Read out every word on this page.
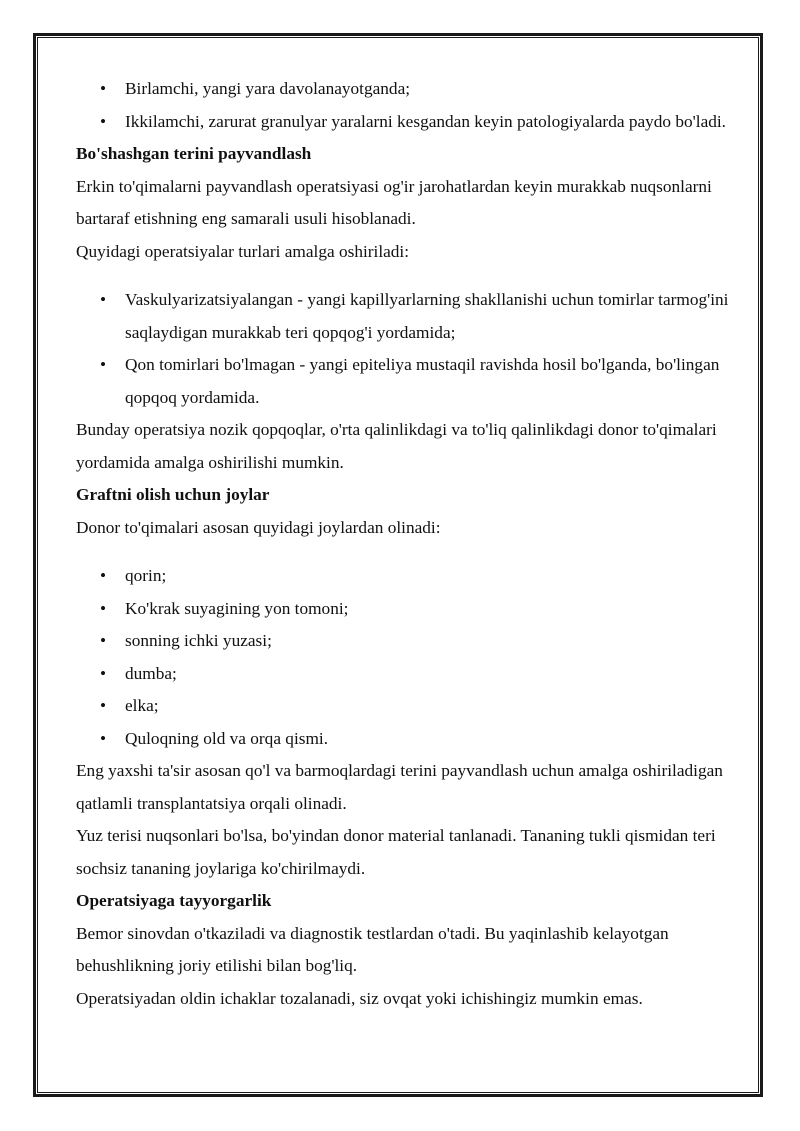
• Birlamchi, yangi yara davolanayotganda;
• Ikkilamchi, zarurat granulyar yaralarni kesgandan keyin patologiyalarda paydo bo'ladi.
Bo'shashgan terini payvandlash

Erkin to'qimalarni payvandlash operatsiyasi og'ir jarohatlardan keyin murakkab nuqsonlarni bartaraf etishning eng samarali usuli hisoblanadi.

Quyidagi operatsiyalar turlari amalga oshiriladi:

• Vaskulyarizatsiyalangan - yangi kapillyarlarning shakllanishi uchun tomirlar tarmog'ini saqlaydigan murakkab teri qopqog'i yordamida;
• Qon tomirlari bo'lmagan - yangi epiteliya mustaqil ravishda hosil bo'lganda, bo'lingan qopqoq yordamida.

Bunday operatsiya nozik qopqoqlar, o'rta qalinlikdagi va to'liq qalinlikdagi donor to'qimalari yordamida amalga oshirilishi mumkin.

Graftni olish uchun joylar

Donor to'qimalari asosan quyidagi joylardan olinadi:

• qorin;
• Ko'krak suyagining yon tomoni;
• sonning ichki yuzasi;
• dumba;
• elka;
• Quloqning old va orqa qismi.

Eng yaxshi ta'sir asosan qo'l va barmoqlardagi terini payvandlash uchun amalga oshiriladigan qatlamli transplantatsiya orqali olinadi.

Yuz terisi nuqsonlari bo'lsa, bo'yindan donor material tanlanadi. Tananing tukli qismidan teri sochsiz tananing joylariga ko'chirilmaydi.

Operatsiyaga tayyorgarlik

Bemor sinovdan o'tkaziladi va diagnostik testlardan o'tadi. Bu yaqinlashib kelayotgan behushlikning joriy etilishi bilan bog'liq.

Operatsiyadan oldin ichaklar tozalanadi, siz ovqat yoki ichishingiz mumkin emas.
